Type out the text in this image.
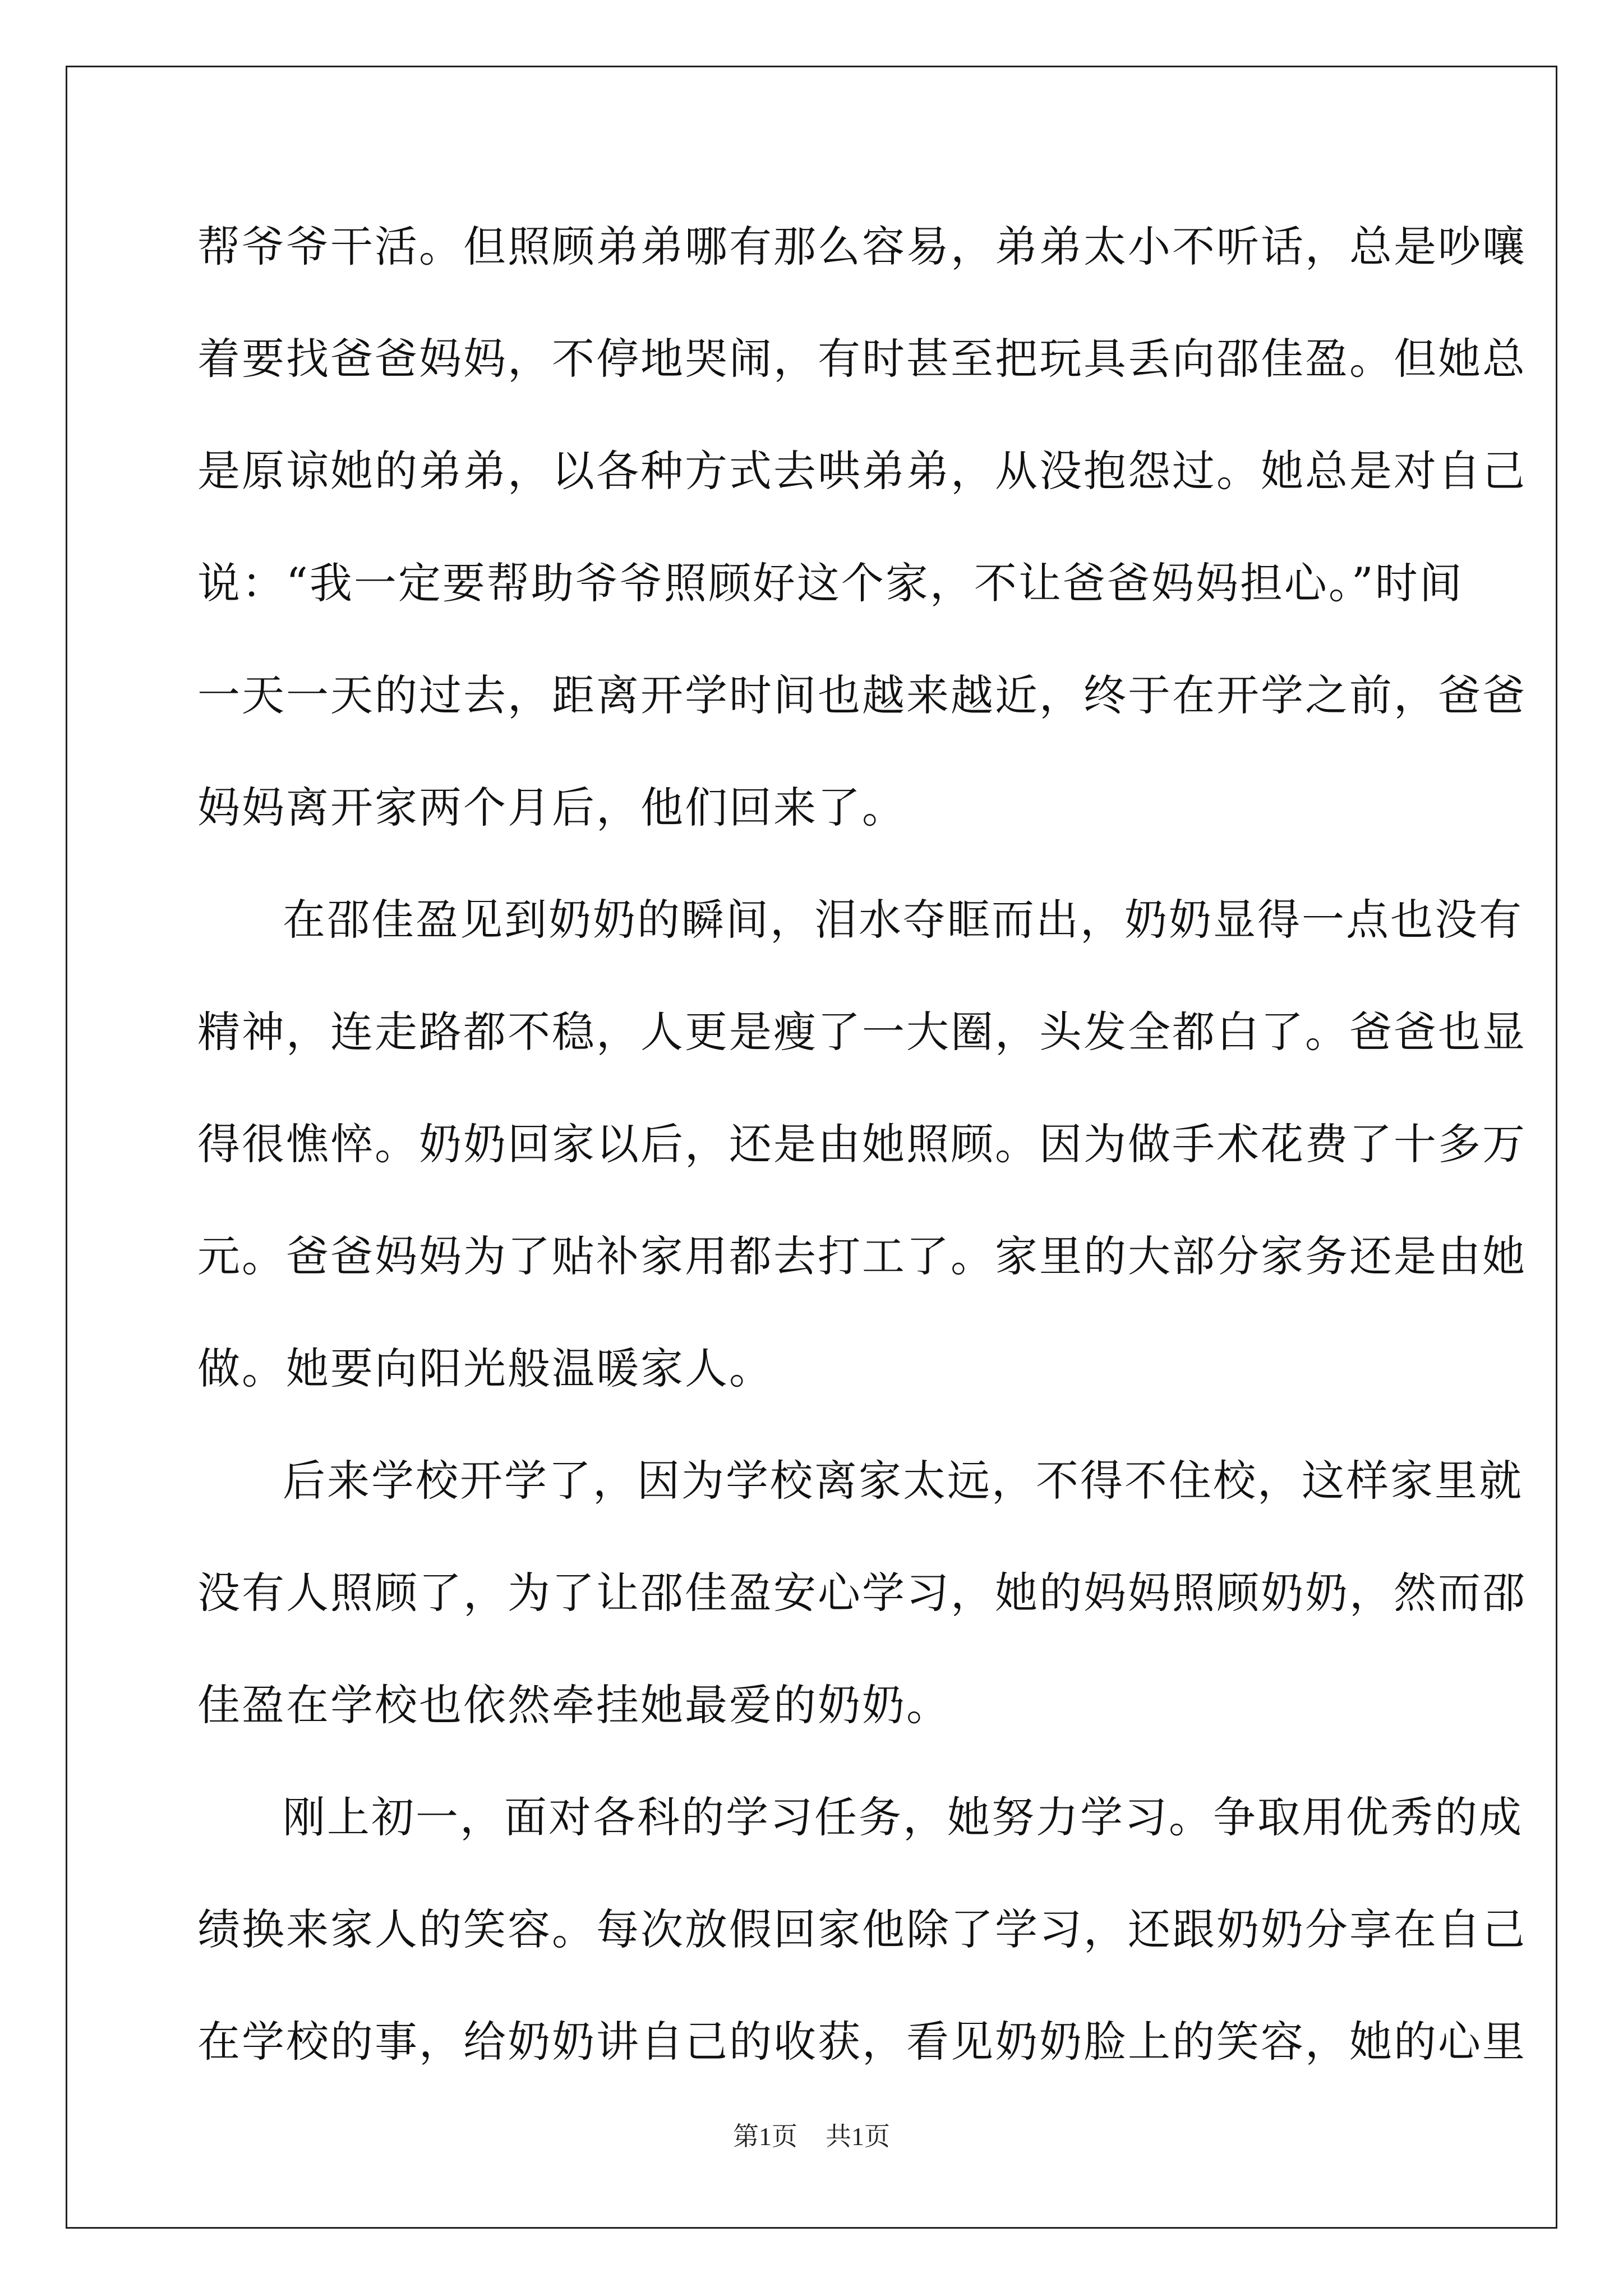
帮爷爷干活。但照顾弟弟哪有那么容易，弟弟太小不听话，总是吵嚷
着要找爸爸妈妈，不停地哭闹，有时甚至把玩具丢向邵佳盈。但她总
是原谅她的弟弟，以各种方式去哄弟弟，从没抱怨过。她总是对自己
说：“我一定要帮助爷爷照顾好这个家，不让爸爸妈妈担心。”时间
一天一天的过去，距离开学时间也越来越近，终于在开学之前，爸爸
妈妈离开家两个月后，他们回来了。
在邵佳盈见到奶奶的瞬间，泪水夺眶而出，奶奶显得一点也没有
精神，连走路都不稳，人更是瘦了一大圈，头发全都白了。爸爸也显
得很憔悴。奶奶回家以后，还是由她照顾。因为做手术花费了十多万
元。爸爸妈妈为了贴补家用都去打工了。家里的大部分家务还是由她
做。她要向阳光般温暖家人。
后来学校开学了，因为学校离家太远，不得不住校，这样家里就
没有人照顾了，为了让邵佳盈安心学习，她的妈妈照顾奶奶，然而邵
佳盈在学校也依然牵挂她最爱的奶奶。
刚上初一，面对各科的学习任务，她努力学习。争取用优秀的成
绩换来家人的笑容。每次放假回家他除了学习，还跟奶奶分享在自己
在学校的事，给奶奶讲自己的收获，看见奶奶脸上的笑容，她的心里
第1页 共1页
